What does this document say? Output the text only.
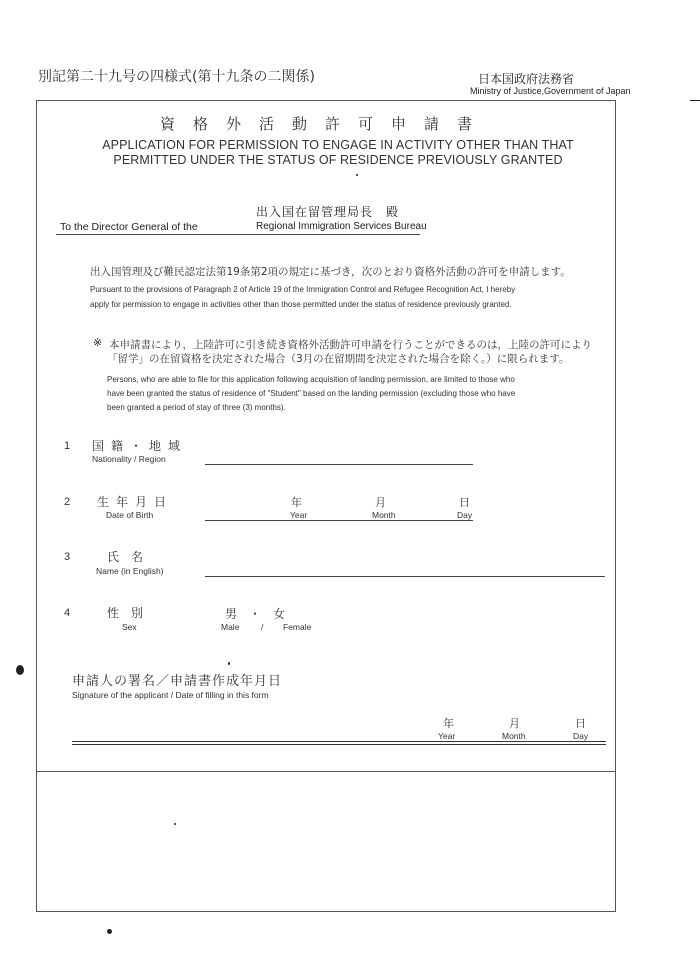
別記第二十九号の四様式(第十九条の二関係)	日本国政府法務省
Ministry of Justice,Government of Japan
資格外活動許可申請書
APPLICATION FOR PERMISSION TO ENGAGE IN ACTIVITY OTHER THAN THAT
PERMITTED UNDER THE STATUS OF RESIDENCE PREVIOUSLY GRANTED
出入国在留管理局長　殿
To the Director General of the	Regional Immigration Services Bureau
出入国管理及び難民認定法第19条第2項の規定に基づき，次のとおり資格外活動の許可を申請します。
Pursuant to the provisions of Paragraph 2 of Article 19 of the Immigration Control and Refugee Recognition Act, I hereby
apply for permission to engage in activities other than those permitted under the status of residence previously granted.
※ 本申請書により，上陸許可に引き続き資格外活動許可申請を行うことができるのは，上陸の許可により
「留学」の在留資格を決定された場合（3月の在留期間を決定された場合を除く。）に限られます。
Persons, who are able to file for this application following acquisition of landing permission, are limited to those who
have been granted the status of residence of "Student" based on the landing permission (excluding those who have
been granted a period of stay of three (3) months).
1 国籍・地域
Nationality / Region
2 生年月日
Date of Birth
年	月	日
Year	Month	Day
3	氏　名
Name (in English)
4	性　別
Sex
男　・　女
Male	/ Female
申請人の署名／申請書作成年月日
Signature of the applicant / Date of filling in this form
年	月	日
Year	Month	Day
